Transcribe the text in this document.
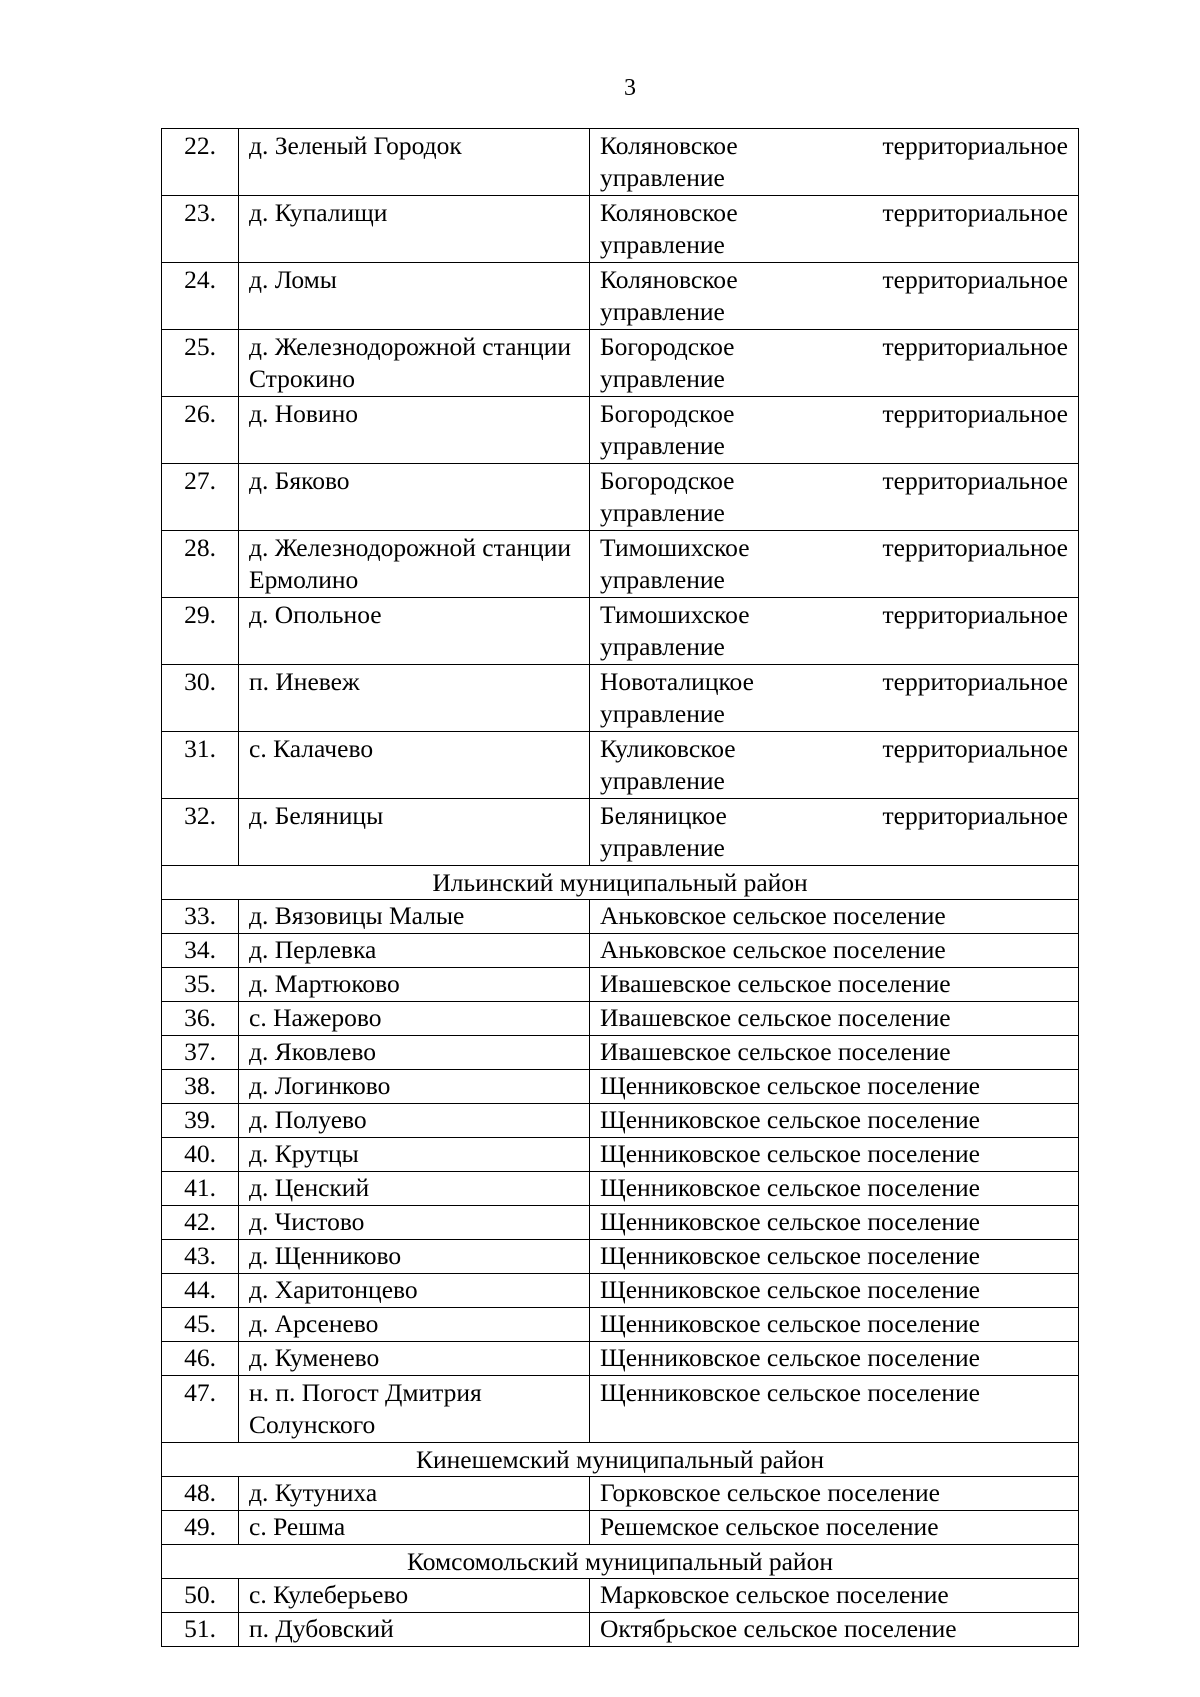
3
22.	д. Зеленый Городок	Коляновское территориальное
управление

23.	д. Купалищи	Коляновское территориальное
управление

24.	д. Ломы	Коляновское территориальное
управление

25.	д. Железнодорожной станции Строкино	Богородское территориальное
управление

26.	д. Новино	Богородское территориальное
управление

27.	д. Бяково	Богородское территориальное
управление

28.	д. Железнодорожной станции Ермолино	Тимошихское территориальное
управление

29.	д. Опольное	Тимошихское территориальное
управление

30.	п. Иневеж	Новоталицкое территориальное
управление

31.	с. Калачево	Куликовское территориальное
управление

32.	д. Беляницы	Беляницкое территориальное
управление

Ильинский муниципальный район		
33.	д. Вязовицы Малые	Аньковское сельское поселение
34.	д. Перлевка	Аньковское сельское поселение
35.	д. Мартюково	Ивашевское сельское поселение
36.	с. Нажерово	Ивашевское сельское поселение
37.	д. Яковлево	Ивашевское сельское поселение
38.	д. Логинково	Щенниковское сельское поселение
39.	д. Полуево	Щенниковское сельское поселение
40.	д. Крутцы	Щенниковское сельское поселение
41.	д. Ценский	Щенниковское сельское поселение
42.	д. Чистово	Щенниковское сельское поселение
43.	д. Щенниково	Щенниковское сельское поселение
44.	д. Харитонцево	Щенниковское сельское поселение
45.	д. Арсенево	Щенниковское сельское поселение
46.	д. Куменево	Щенниковское сельское поселение
47.	н. п. Погост Дмитрия Солунского	Щенниковское сельское поселение
Кинешемский муниципальный район		
48.	д. Кутуниха	Горковское сельское поселение
49.	с. Решма	Решемское сельское поселение
Комсомольский муниципальный район		
50.	с. Кулеберьево	Марковское сельское поселение
51.	п. Дубовский	Октябрьское сельское поселение
